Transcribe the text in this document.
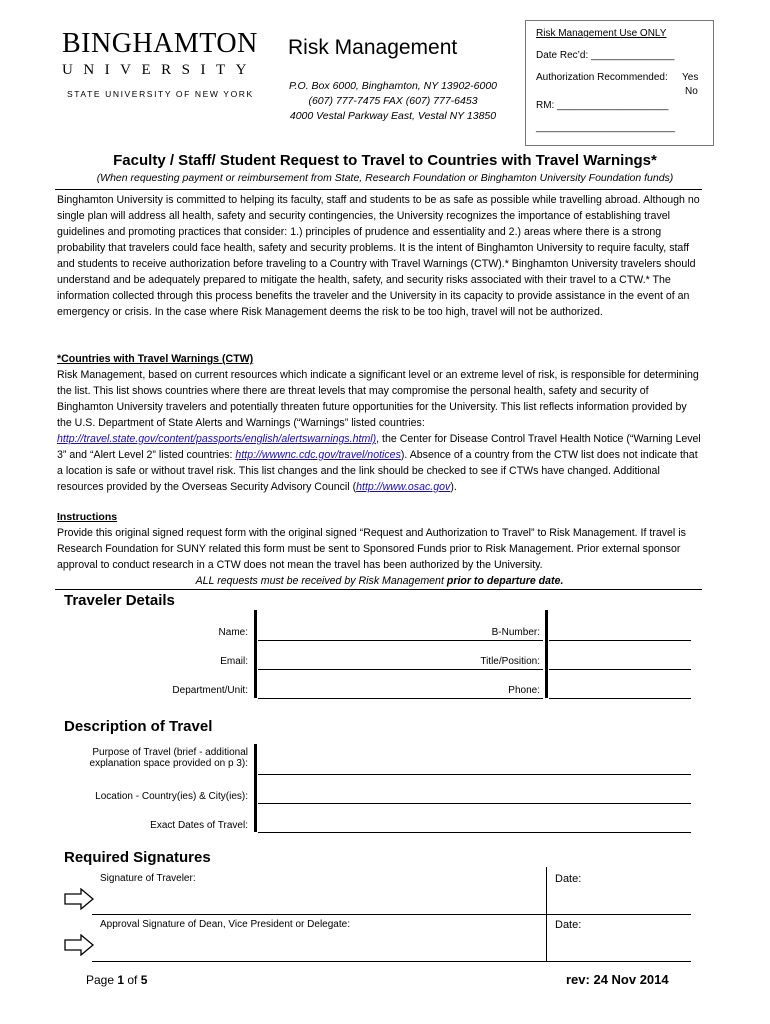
BINGHAMTON
UNIVERSITY
STATE UNIVERSITY OF NEW YORK
Risk Management
P.O. Box 6000, Binghamton, NY 13902-6000
(607) 777-7475 FAX (607) 777-6453
4000 Vestal Parkway East, Vestal NY 13850
Risk Management Use ONLY
Date Rec’d: _______________
Authorization Recommended: Yes
No
RM: ____________________
_________________________
Faculty / Staff/ Student Request to Travel to Countries with Travel Warnings*
(When requesting payment or reimbursement from State, Research Foundation or Binghamton University Foundation funds)
Binghamton University is committed to helping its faculty, staff and students to be as safe as possible while travelling abroad. Although no single plan will address all health, safety and security contingencies, the University recognizes the importance of establishing travel guidelines and promoting practices that consider: 1.) principles of prudence and essentiality and 2.) areas where there is a strong probability that travelers could face health, safety and security problems. It is the intent of Binghamton University to require faculty, staff and students to receive authorization before traveling to a Country with Travel Warnings (CTW).* Binghamton University travelers should understand and be adequately prepared to mitigate the health, safety, and security risks associated with their travel to a CTW.* The information collected through this process benefits the traveler and the University in its capacity to provide assistance in the event of an emergency or crisis. In the case where Risk Management deems the risk to be too high, travel will not be authorized.
*Countries with Travel Warnings (CTW)
Risk Management, based on current resources which indicate a significant level or an extreme level of risk, is responsible for determining the list. This list shows countries where there are threat levels that may compromise the personal health, safety and security of Binghamton University travelers and potentially threaten future opportunities for the University. This list reflects information provided by the U.S. Department of State Alerts and Warnings (“Warnings” listed countries: http://travel.state.gov/content/passports/english/alertswarnings.html), the Center for Disease Control Travel Health Notice (“Warning Level 3” and “Alert Level 2” listed countries: http://wwwnc.cdc.gov/travel/notices). Absence of a country from the CTW list does not indicate that a location is safe or without travel risk. This list changes and the link should be checked to see if CTWs have changed. Additional resources provided by the Overseas Security Advisory Council (http://www.osac.gov).
Instructions
Provide this original signed request form with the original signed “Request and Authorization to Travel” to Risk Management. If travel is Research Foundation for SUNY related this form must be sent to Sponsored Funds prior to Risk Management. Prior external sponsor approval to conduct research in a CTW does not mean the travel has been authorized by the University.
ALL requests must be received by Risk Management prior to departure date.
Traveler Details
Name:	B-Number:
Email:	Title/Position:
Department/Unit:	Phone:
Description of Travel
Purpose of Travel (brief - additional
explanation space provided on p 3):
Location - Country(ies) & City(ies):
Exact Dates of Travel:
Required Signatures
Signature of Traveler:	Date:
Approval Signature of Dean, Vice President or Delegate:	Date:
Page 1 of 5	rev: 24 Nov 2014
